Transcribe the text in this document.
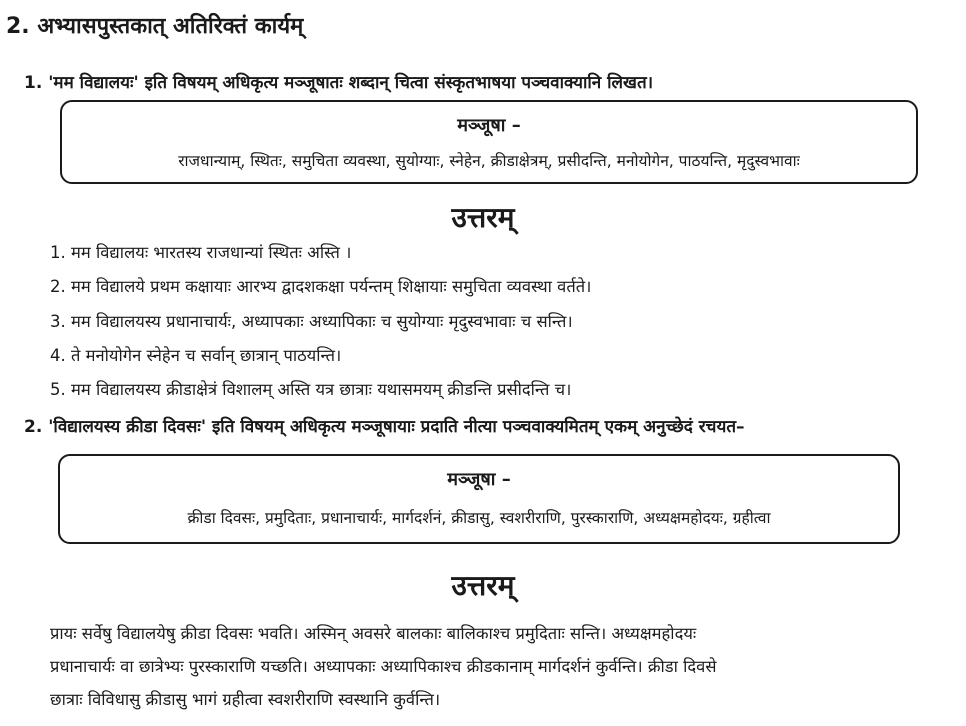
2. अभ्यासपुस्तकात् अतिरिक्तं कार्यम्
1. 'मम विद्यालयः' इति विषयम् अधिकृत्य मञ्जूषातः शब्दान् चित्वा संस्कृतभाषया पञ्चवाक्यानि लिखत।
मञ्जूषा –
राजधान्याम्, स्थितः, समुचिता व्यवस्था, सुयोग्याः, स्नेहेन, क्रीडाक्षेत्रम्, प्रसीदन्ति, मनोयोगेन, पाठयन्ति, मृदुस्वभावाः
उत्तरम्
1. मम विद्यालयः भारतस्य राजधान्यां स्थितः अस्ति ।
2. मम विद्यालये प्रथम कक्षायाः आरभ्य द्वादशकक्षा पर्यन्तम् शिक्षायाः समुचिता व्यवस्था वर्तते।
3. मम विद्यालयस्य प्रधानाचार्यः, अध्यापकाः अध्यापिकाः च सुयोग्याः मृदुस्वभावाः च सन्ति।
4. ते मनोयोगेन स्नेहेन च सर्वान् छात्रान् पाठयन्ति।
5. मम विद्यालयस्य क्रीडाक्षेत्रं विशालम् अस्ति यत्र छात्राः यथासमयम् क्रीडन्ति प्रसीदन्ति च।
2. 'विद्यालयस्य क्रीडा दिवसः' इति विषयम् अधिकृत्य मञ्जूषायाः प्रदाति नीत्या पञ्चवाक्यमितम् एकम् अनुच्छेदं रचयत–
मञ्जूषा –
क्रीडा दिवसः, प्रमुदिताः, प्रधानाचार्यः, मार्गदर्शनं, क्रीडासु, स्वशरीराणि, पुरस्काराणि, अध्यक्षमहोदयः, ग्रहीत्वा
उत्तरम्

प्रायः सर्वेषु विद्यालयेषु क्रीडा दिवसः भवति। अस्मिन् अवसरे बालकाः बालिकाश्च प्रमुदिताः सन्ति। अध्यक्षमहोदयः

प्रधानाचार्यः वा छात्रेभ्यः पुरस्काराणि यच्छति। अध्यापकाः अध्यापिकाश्च क्रीडकानाम् मार्गदर्शनं कुर्वन्ति। क्रीडा दिवसे

छात्राः विविधासु क्रीडासु भागं ग्रहीत्वा स्वशरीराणि स्वस्थानि कुर्वन्ति।
